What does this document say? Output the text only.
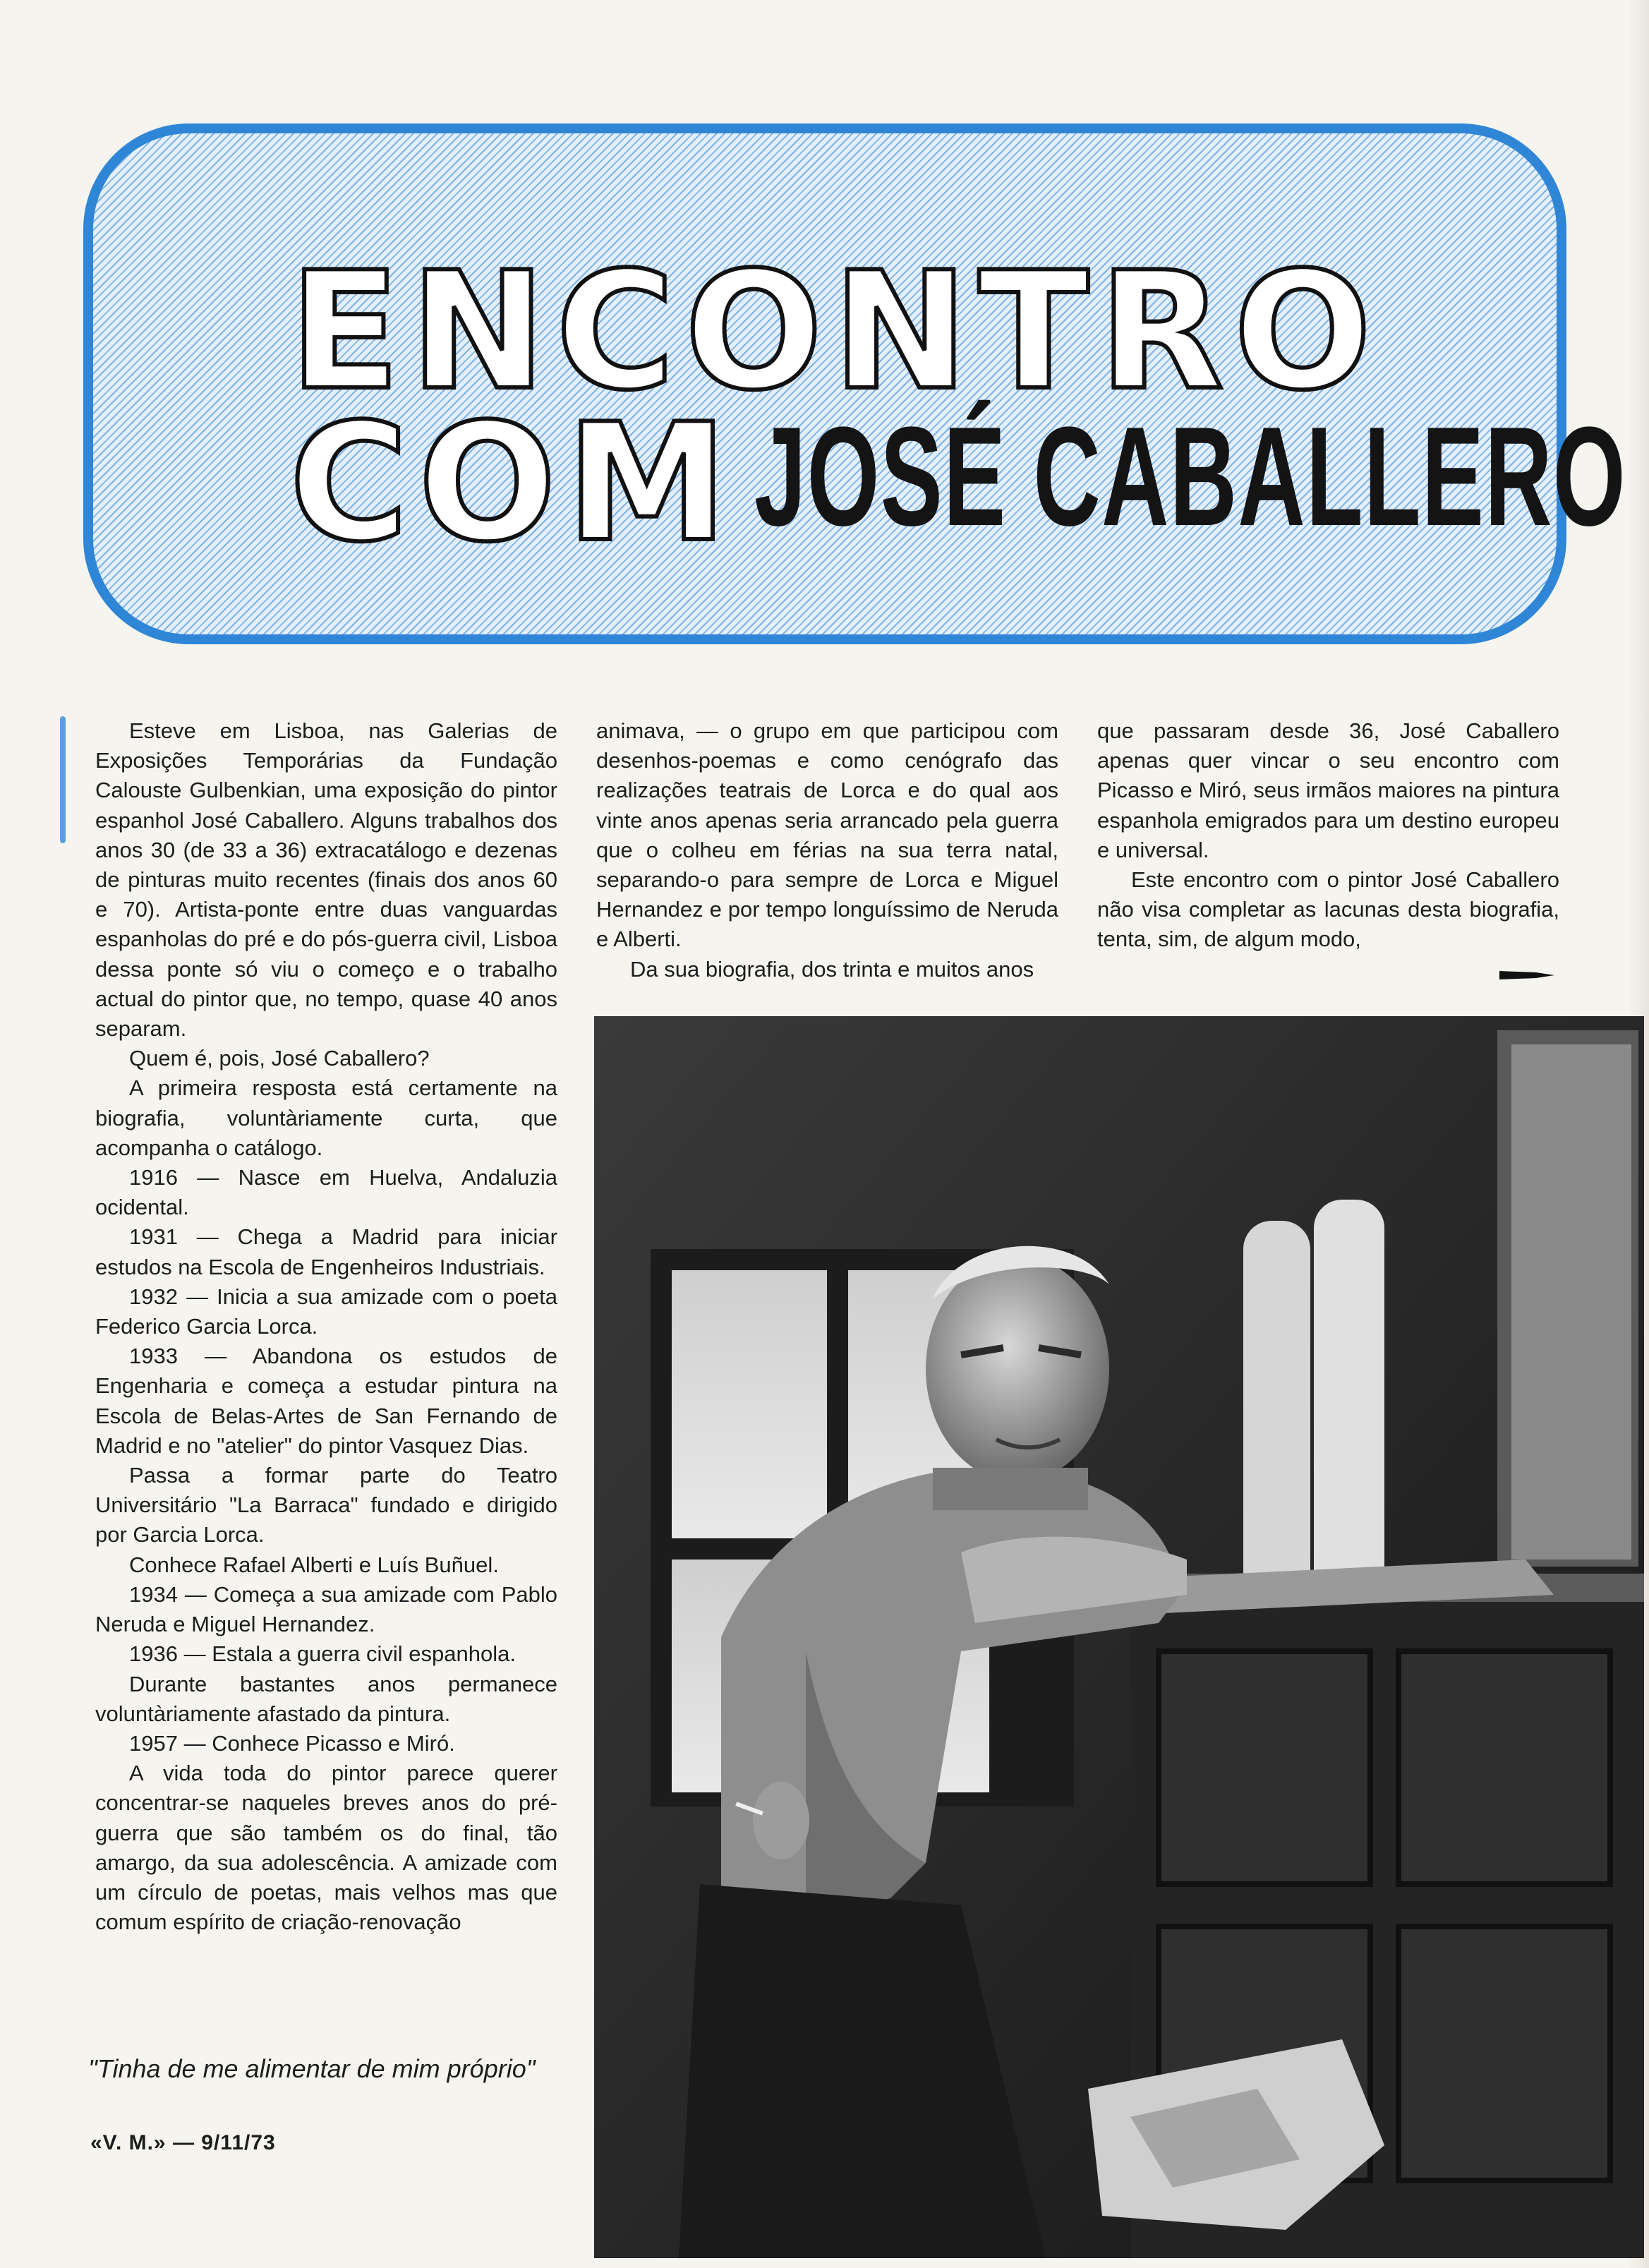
ENCONTRO
COM JOSÉ CABALLERO

Esteve em Lisboa, nas Galerias de Exposições Temporárias da Fundação Calouste Gulbenkian, uma exposição do pintor espanhol José Caballero. Alguns trabalhos dos anos 30 (de 33 a 36) extracatálogo e dezenas de pinturas muito recentes (finais dos anos 60 e 70). Artista-ponte entre duas vanguardas espanholas do pré e do pós-guerra civil, Lisboa dessa ponte só viu o começo e o trabalho actual do pintor que, no tempo, quase 40 anos separam.

Quem é, pois, José Caballero?

A primeira resposta está certamente na biografia, voluntàriamente curta, que acompanha o catálogo.

1916 — Nasce em Huelva, Andaluzia ocidental.

1931 — Chega a Madrid para iniciar estudos na Escola de Engenheiros Industriais.

1932 — Inicia a sua amizade com o poeta Federico Garcia Lorca.

1933 — Abandona os estudos de Engenharia e começa a estudar pintura na Escola de Belas-Artes de San Fernando de Madrid e no "atelier" do pintor Vasquez Dias.

Passa a formar parte do Teatro Universitário "La Barraca" fundado e dirigido por Garcia Lorca.

Conhece Rafael Alberti e Luís Buñuel.

1934 — Começa a sua amizade com Pablo Neruda e Miguel Hernandez.

1936 — Estala a guerra civil espanhola.

Durante bastantes anos permanece voluntàriamente afastado da pintura.

1957 — Conhece Picasso e Miró.

A vida toda do pintor parece querer concentrar-se naqueles breves anos do pré-guerra que são também os do final, tão amargo, da sua adolescência. A amizade com um círculo de poetas, mais velhos mas que comum espírito de criação-renovação

animava, — o grupo em que participou com desenhos-poemas e como cenógrafo das realizações teatrais de Lorca e do qual aos vinte anos apenas seria arrancado pela guerra que o colheu em férias na sua terra natal, separando-o para sempre de Lorca e Miguel Hernandez e por tempo longuíssimo de Neruda e Alberti.

Da sua biografia, dos trinta e muitos anos

que passaram desde 36, José Caballero apenas quer vincar o seu encontro com Picasso e Miró, seus irmãos maiores na pintura espanhola emigrados para um destino europeu e universal.

Este encontro com o pintor José Caballero não visa completar as lacunas desta biografia, tenta, sim, de algum modo,

"Tinha de me alimentar de mim próprio"
«V. M.» — 9/11/73
